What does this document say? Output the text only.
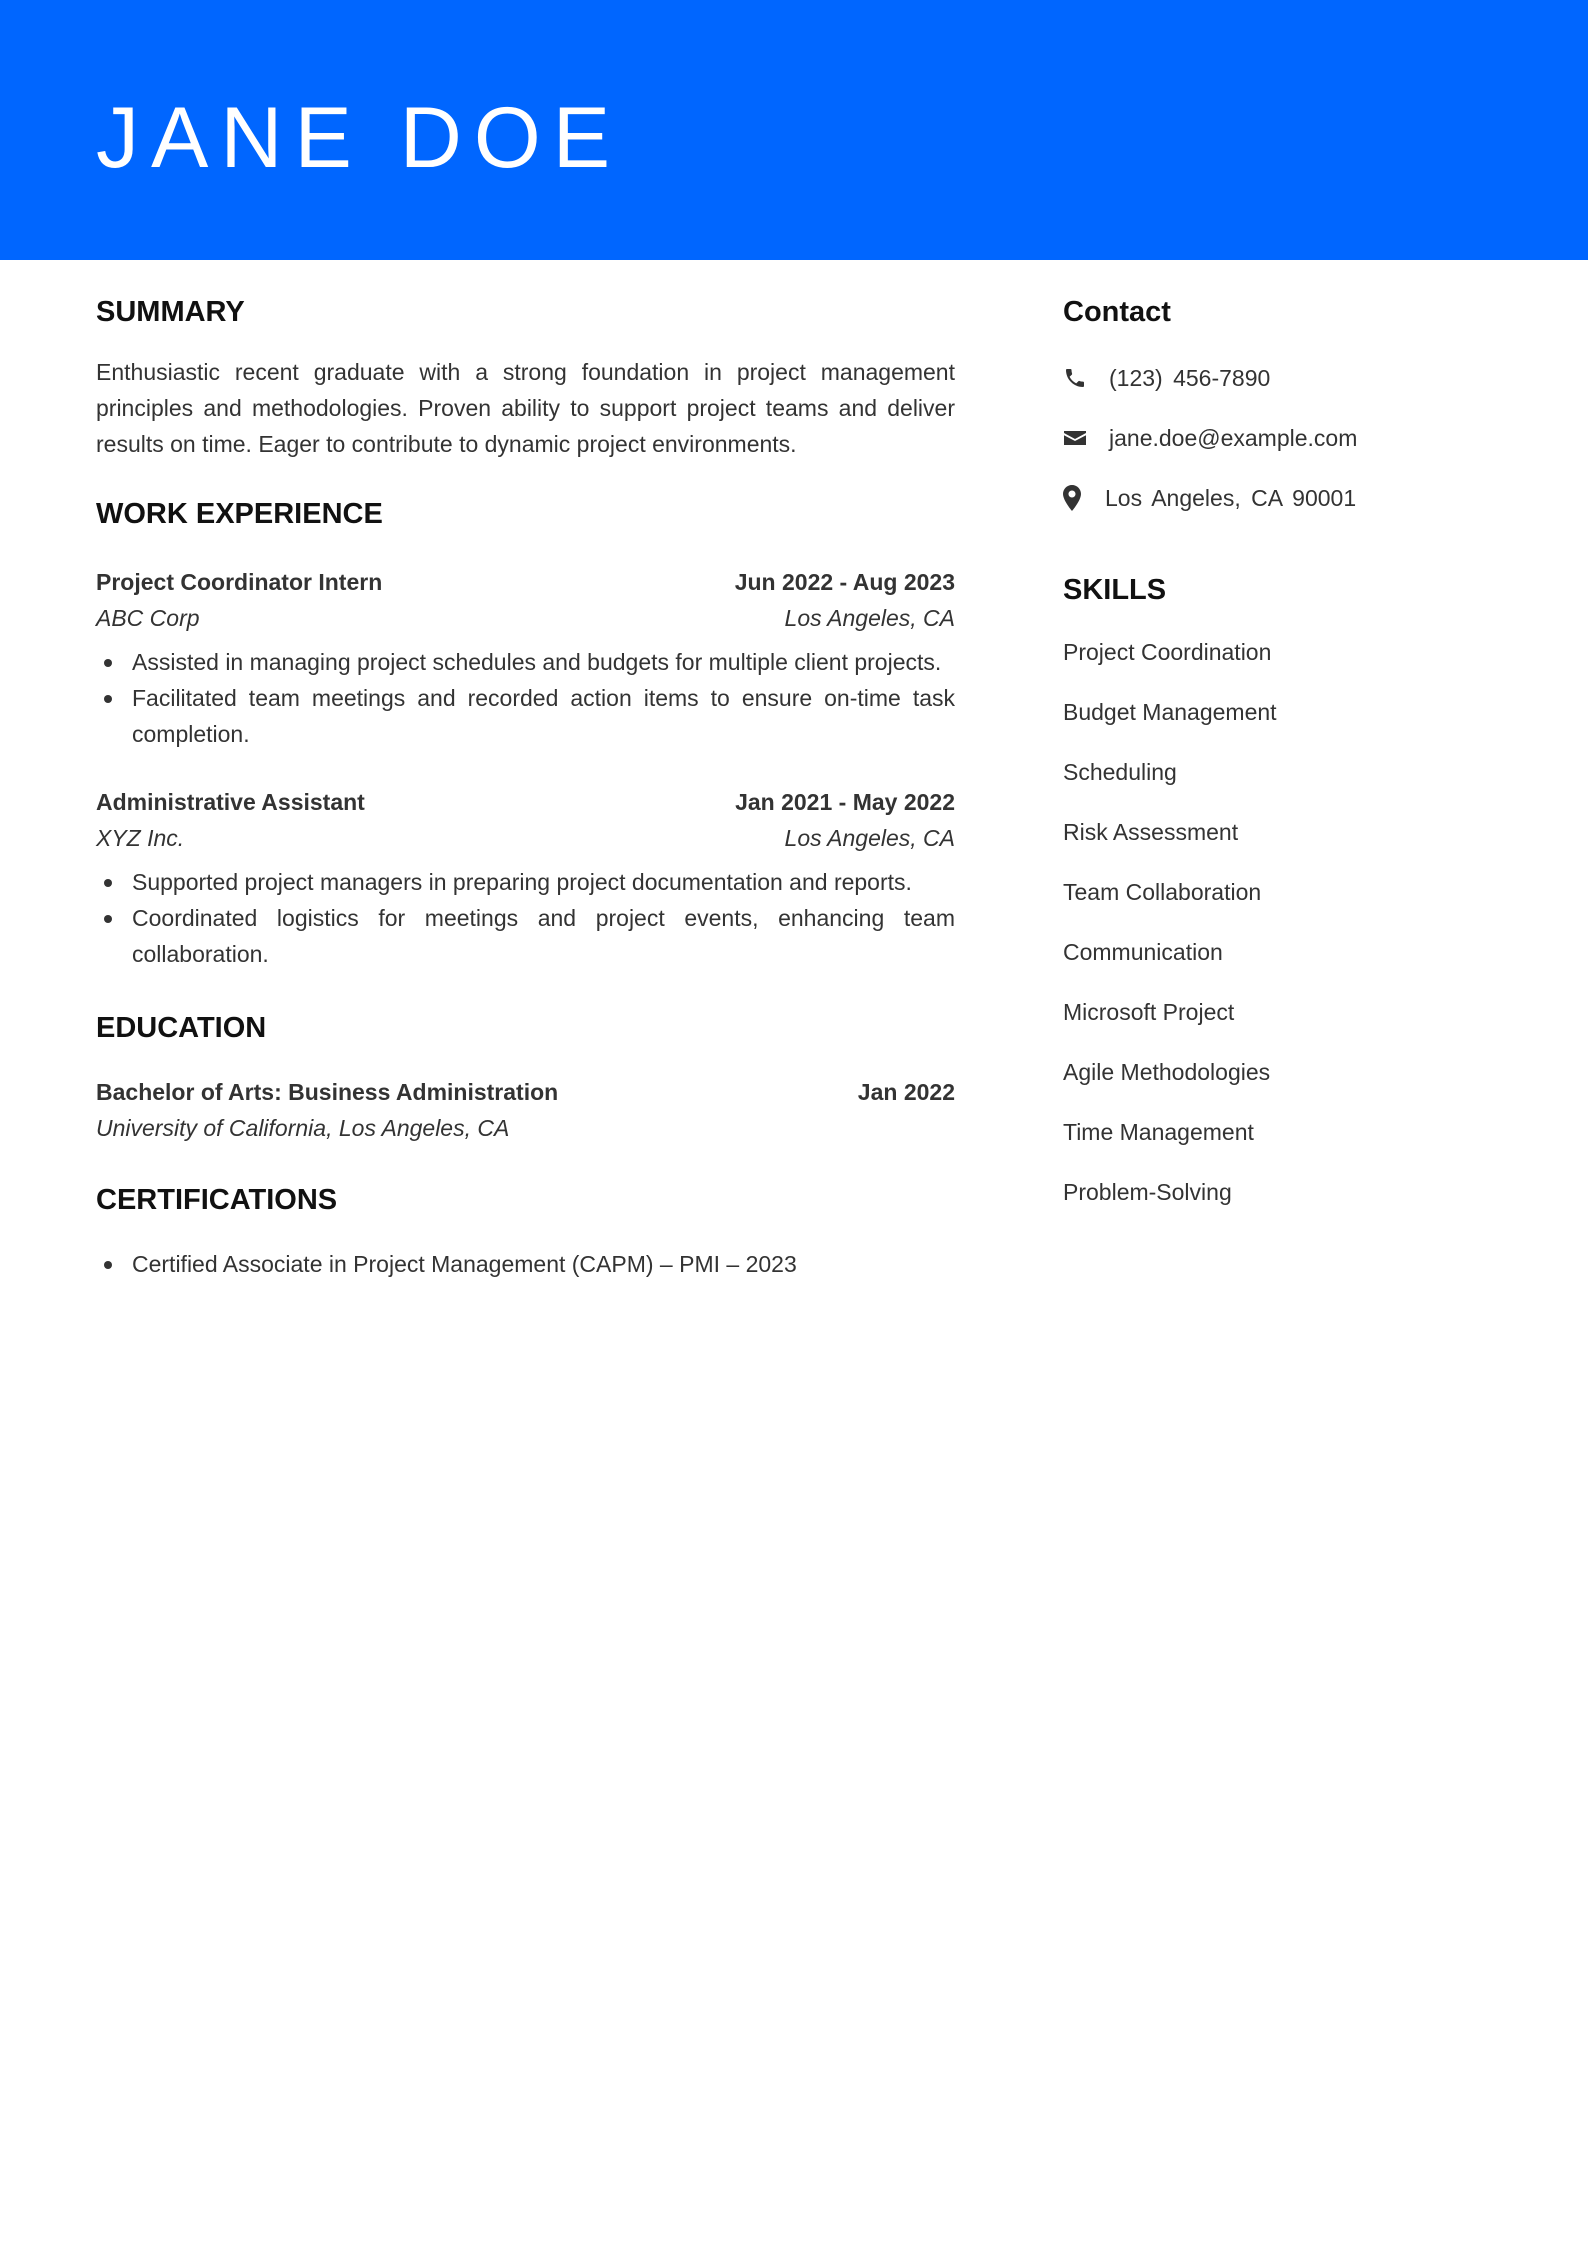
JANE DOE
SUMMARY

Enthusiastic recent graduate with a strong foundation in project management principles and methodologies. Proven ability to support project teams and deliver results on time. Eager to contribute to dynamic project environments.

WORK EXPERIENCE
Project Coordinator Intern	Jun 2022 - Aug 2023
ABC Corp	Los Angeles, CA
Assisted in managing project schedules and budgets for multiple client projects.
Facilitated team meetings and recorded action items to ensure on-time task completion.
Administrative Assistant	Jan 2021 - May 2022
XYZ Inc.	Los Angeles, CA
Supported project managers in preparing project documentation and reports.
Coordinated logistics for meetings and project events, enhancing team collaboration.
EDUCATION
Bachelor of Arts: Business Administration	Jan 2022
University of California, Los Angeles, CA
CERTIFICATIONS
Certified Associate in Project Management (CAPM) – PMI – 2023
Contact
(123) 456-7890
jane.doe@example.com
Los Angeles, CA 90001
SKILLS
Project Coordination
Budget Management
Scheduling
Risk Assessment
Team Collaboration
Communication
Microsoft Project
Agile Methodologies
Time Management
Problem-Solving
